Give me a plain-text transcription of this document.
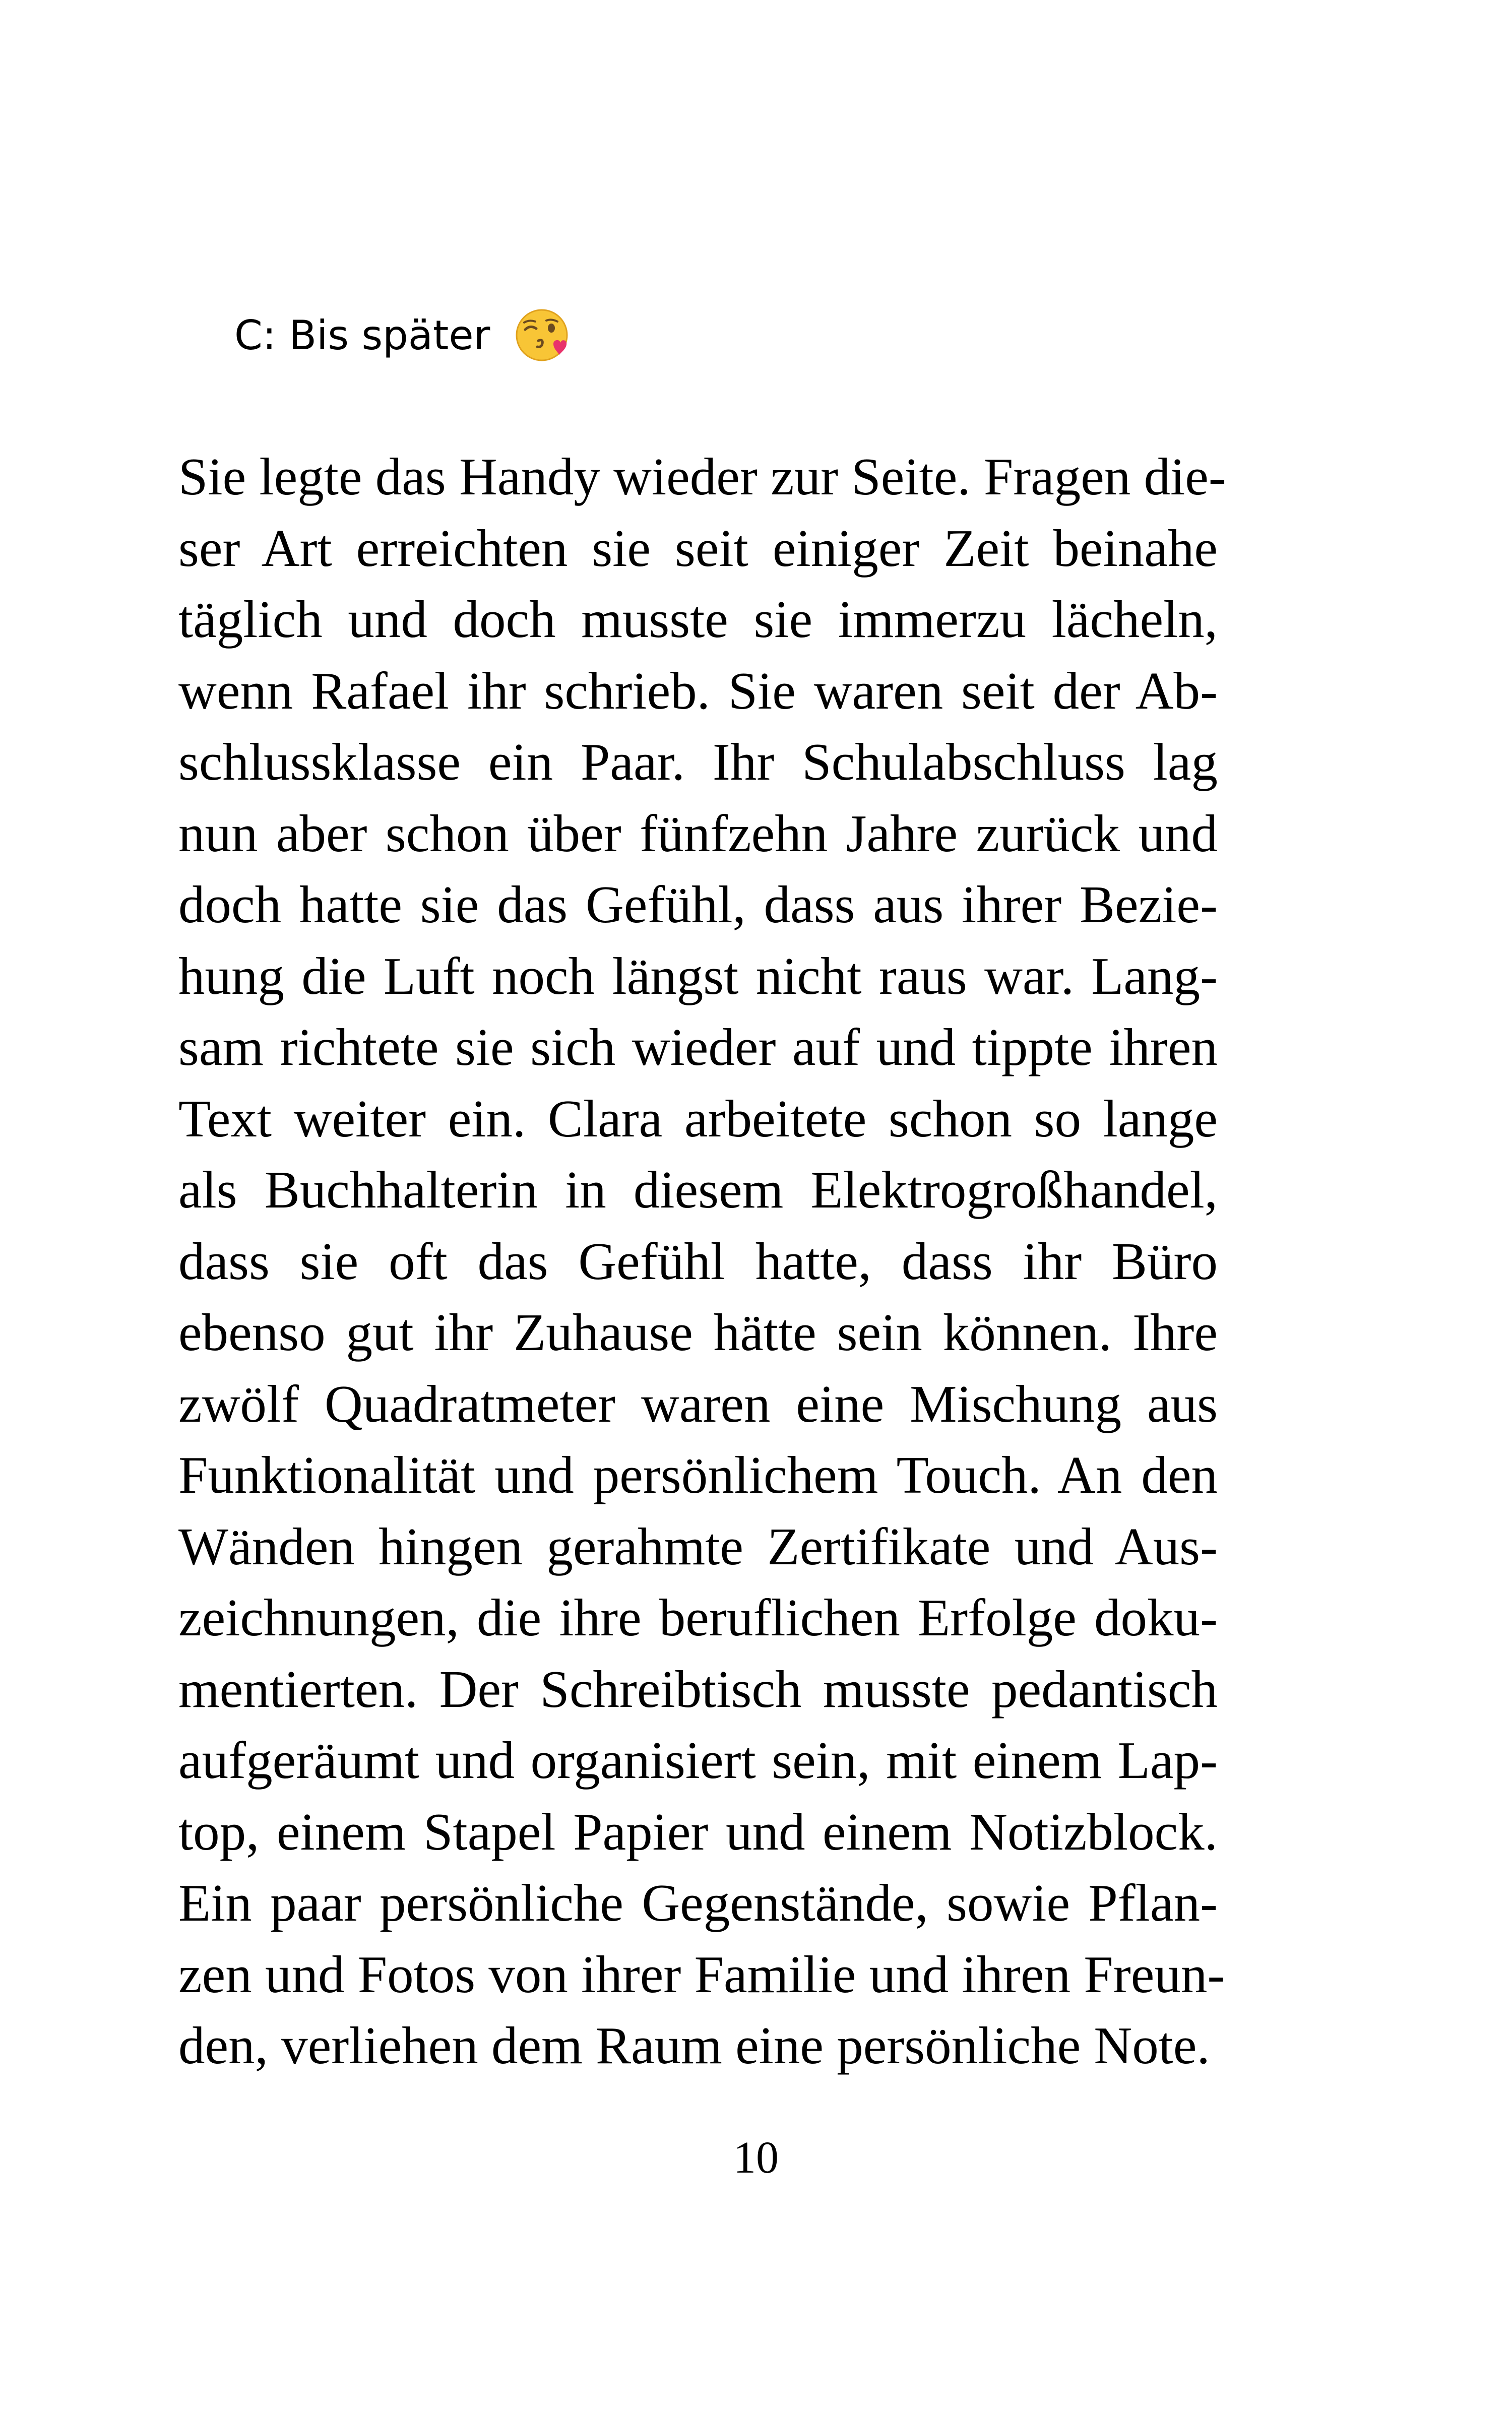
C: Bis später
Sie legte das Handy wieder zur Seite. Fragen die-
ser Art erreichten sie seit einiger Zeit beinahe
täglich und doch musste sie immerzu lächeln,
wenn Rafael ihr schrieb. Sie waren seit der Ab-
schlussklasse ein Paar. Ihr Schulabschluss lag
nun aber schon über fünfzehn Jahre zurück und
doch hatte sie das Gefühl, dass aus ihrer Bezie-
hung die Luft noch längst nicht raus war. Lang-
sam richtete sie sich wieder auf und tippte ihren
Text weiter ein. Clara arbeitete schon so lange
als Buchhalterin in diesem Elektrogroßhandel,
dass sie oft das Gefühl hatte, dass ihr Büro
ebenso gut ihr Zuhause hätte sein können. Ihre
zwölf Quadratmeter waren eine Mischung aus
Funktionalität und persönlichem Touch. An den
Wänden hingen gerahmte Zertifikate und Aus-
zeichnungen, die ihre beruflichen Erfolge doku-
mentierten. Der Schreibtisch musste pedantisch
aufgeräumt und organisiert sein, mit einem Lap-
top, einem Stapel Papier und einem Notizblock.
Ein paar persönliche Gegenstände, sowie Pflan-
zen und Fotos von ihrer Familie und ihren Freun-
den, verliehen dem Raum eine persönliche Note.
10
